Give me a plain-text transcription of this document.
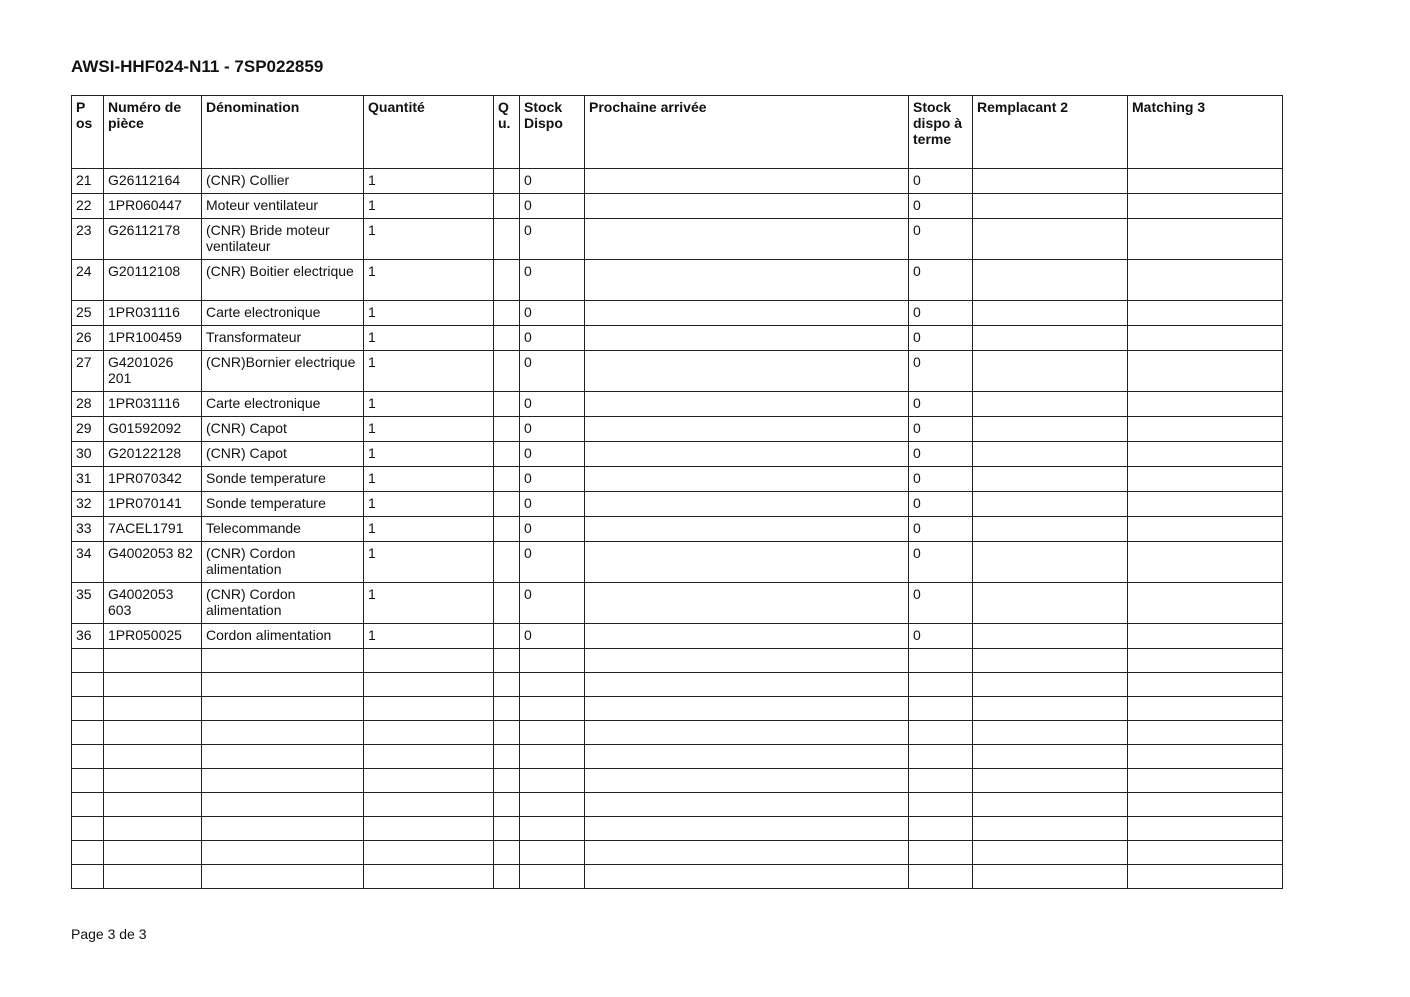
AWSI-HHF024-N11 - 7SP022859
P os	Numéro de pièce	Dénomination	Quantité	Q u.	Stock Dispo	Prochaine arrivée	Stock dispo à terme	Remplacant 2	Matching 3
21	G26112164	(CNR) Collier	1		0		0		
22	1PR060447	Moteur ventilateur	1		0		0		
23	G26112178	(CNR) Bride moteur ventilateur	1		0		0		
24	G20112108	(CNR) Boitier electrique	1		0		0		
25	1PR031116	Carte electronique	1		0		0		
26	1PR100459	Transformateur	1		0		0		
27	G4201026 201	(CNR)Bornier electrique	1		0		0		
28	1PR031116	Carte electronique	1		0		0		
29	G01592092	(CNR) Capot	1		0		0		
30	G20122128	(CNR) Capot	1		0		0		
31	1PR070342	Sonde temperature	1		0		0		
32	1PR070141	Sonde temperature	1		0		0		
33	7ACEL1791	Telecommande	1		0		0		
34	G4002053 82	(CNR) Cordon alimentation	1		0		0		
35	G4002053 603	(CNR) Cordon alimentation	1		0		0		
36	1PR050025	Cordon alimentation	1		0		0		

Page 3 de 3
